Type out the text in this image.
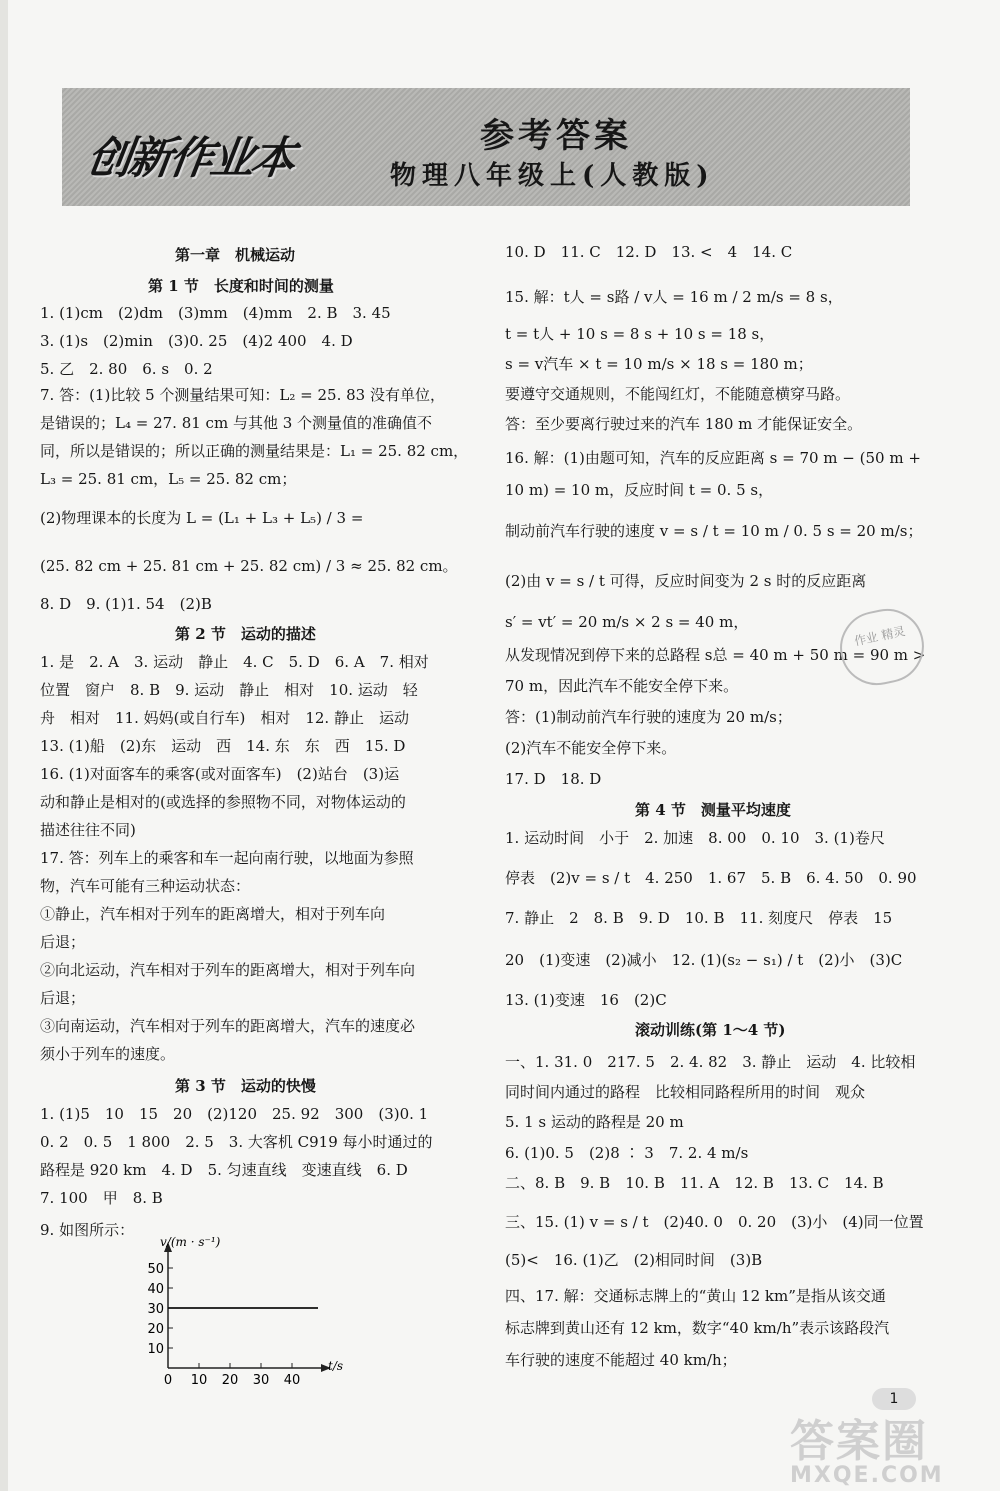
创新作业本	参考答案
物理八年级上(人教版)
第一章　机械运动
第 1 节　长度和时间的测量
1. (1)cm　(2)dm　(3)mm　(4)mm　2. B　3. 45
3. (1)s　(2)min　(3)0. 25　(4)2 400　4. D
5. 乙　2. 80　6. s　0. 2
7. 答：(1)比较 5 个测量结果可知：L₂ = 25. 83 没有单位，
是错误的；L₄ = 27. 81 cm 与其他 3 个测量值的准确值不
同，所以是错误的；所以正确的测量结果是：L₁ = 25. 82 cm，
L₃ = 25. 81 cm，L₅ = 25. 82 cm；
(2)物理课本的长度为 L = (L₁ + L₃ + L₅) / 3 =
(25. 82 cm + 25. 81 cm + 25. 82 cm) / 3 ≈ 25. 82 cm。
8. D　9. (1)1. 54　(2)B
第 2 节　运动的描述
1. 是　2. A　3. 运动　静止　4. C　5. D　6. A　7. 相对
位置　窗户　8. B　9. 运动　静止　相对　10. 运动　轻
舟　相对　11. 妈妈(或自行车)　相对　12. 静止　运动
13. (1)船　(2)东　运动　西　14. 东　东　西　15. D
16. (1)对面客车的乘客(或对面客车)　(2)站台　(3)运
动和静止是相对的(或选择的参照物不同，对物体运动的
描述往往不同)
17. 答：列车上的乘客和车一起向南行驶，以地面为参照
物，汽车可能有三种运动状态：
①静止，汽车相对于列车的距离增大，相对于列车向
后退；
②向北运动，汽车相对于列车的距离增大，相对于列车向
后退；
③向南运动，汽车相对于列车的距离增大，汽车的速度必
须小于列车的速度。
第 3 节　运动的快慢
1. (1)5　10　15　20　(2)120　25. 92　300　(3)0. 1
0. 2　0. 5　1 800　2. 5　3. 大客机 C919 每小时通过的
路程是 920 km　4. D　5. 匀速直线　变速直线　6. D
7. 100　甲　8. B
9. 如图所示：
10. D　11. C　12. D　13. <　4　14. C
15. 解：t人 = s路 / v人 = 16 m / 2 m/s = 8 s，
t = t人 + 10 s = 8 s + 10 s = 18 s，
s = v汽车 × t = 10 m/s × 18 s = 180 m；
要遵守交通规则，不能闯红灯，不能随意横穿马路。
答：至少要离行驶过来的汽车 180 m 才能保证安全。
16. 解：(1)由题可知，汽车的反应距离 s = 70 m − (50 m +
10 m) = 10 m，反应时间 t = 0. 5 s，
制动前汽车行驶的速度 v = s / t = 10 m / 0. 5 s = 20 m/s；
(2)由 v = s / t 可得，反应时间变为 2 s 时的反应距离
s′ = vt′ = 20 m/s × 2 s = 40 m，
从发现情况到停下来的总路程 s总 = 40 m + 50 m = 90 m >
70 m，因此汽车不能安全停下来。
答：(1)制动前汽车行驶的速度为 20 m/s；
(2)汽车不能安全停下来。
17. D　18. D
第 4 节　测量平均速度
1. 运动时间　小于　2. 加速　8. 00　0. 10　3. (1)卷尺
停表　(2)v = s / t　4. 250　1. 67　5. B　6. 4. 50　0. 90
7. 静止　2　8. B　9. D　10. B　11. 刻度尺　停表　15
20　(1)变速　(2)减小　12. (1)(s₂ − s₁) / t　(2)小　(3)C
13. (1)变速　16　(2)C
滚动训练(第 1～4 节)
一、1. 31. 0　217. 5　2. 4. 82　3. 静止　运动　4. 比较相
同时间内通过的路程　比较相同路程所用的时间　观众
5. 1 s 运动的路程是 20 m
6. (1)0. 5　(2)8 ∶ 3　7. 2. 4 m/s
二、8. B　9. B　10. B　11. A　12. B　13. C　14. B
三、15. (1) v = s / t　(2)40. 0　0. 20　(3)小　(4)同一位置
(5)<　16. (1)乙　(2)相同时间　(3)B
四、17. 解：交通标志牌上的“黄山 12 km”是指从该交通
标志牌到黄山还有 12 km，数字“40 km/h”表示该路段汽
车行驶的速度不能超过 40 km/h；
50
40
30
20
10
0 10 20 30 40
v/(m · s⁻¹)
t/s
作业 精灵
1
答案圈
MXQE.COM
